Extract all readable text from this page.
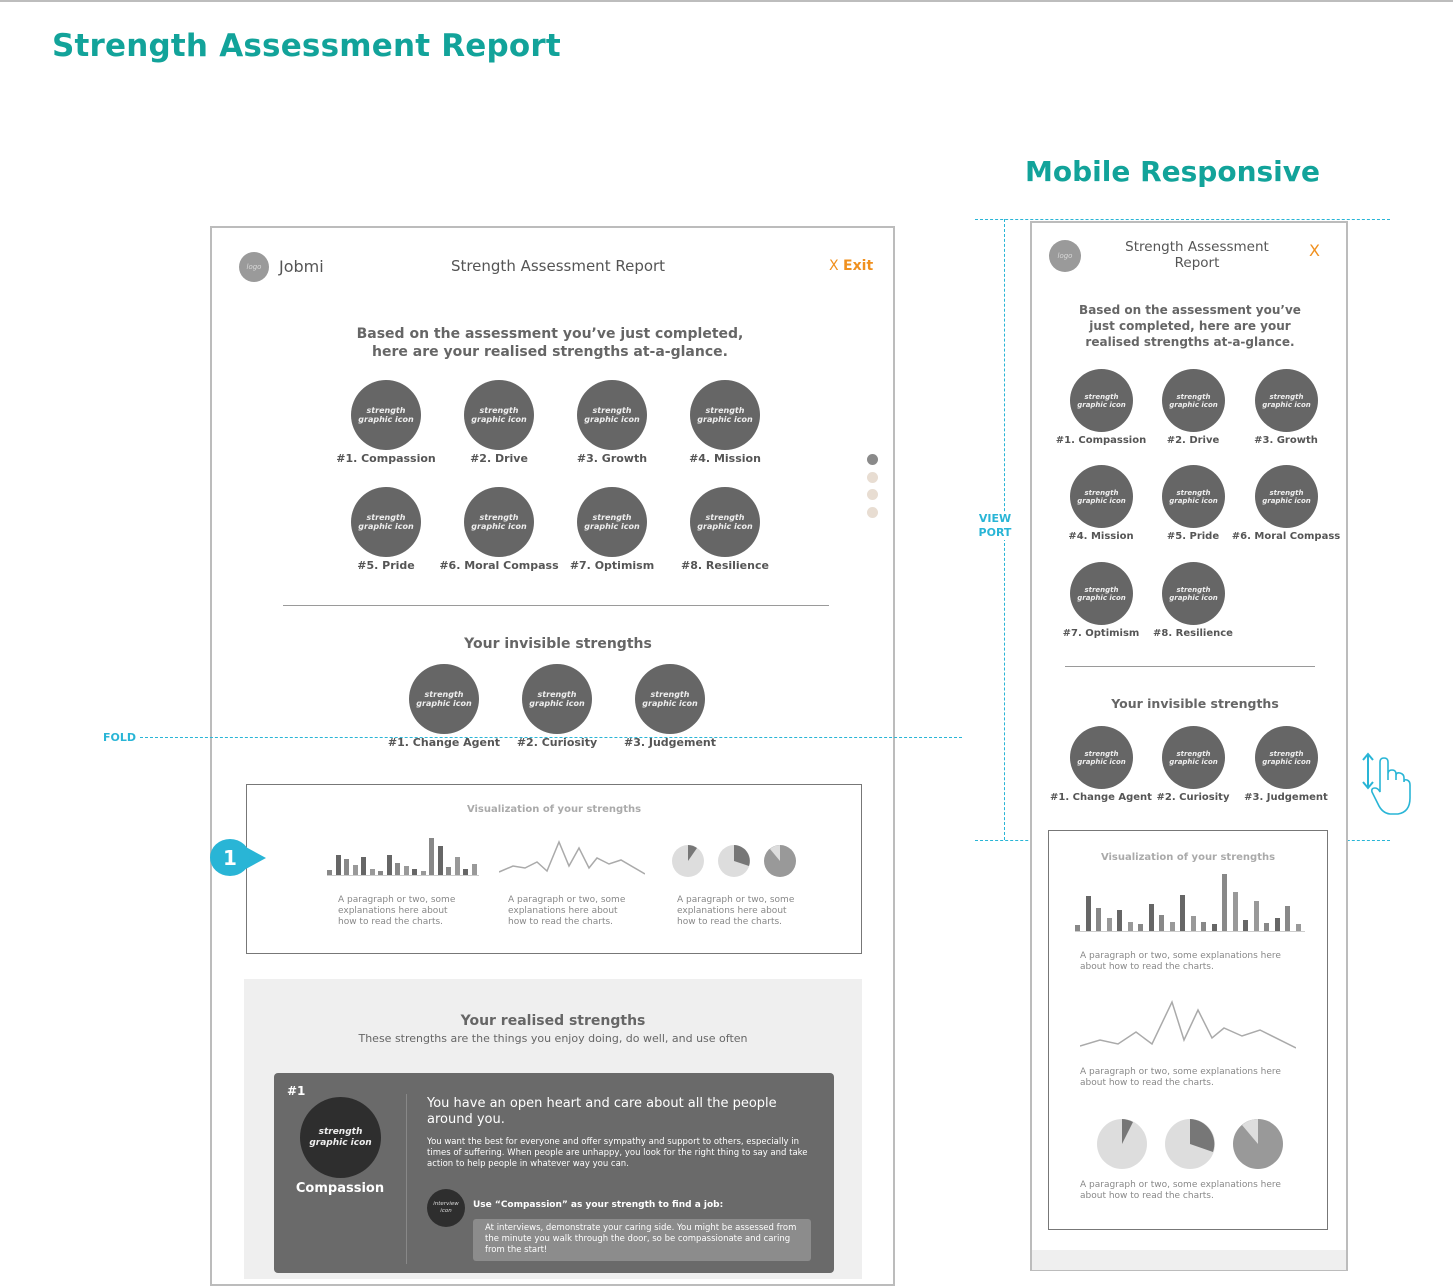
Strength Assessment Report
Mobile Responsive
logo	Jobmi	Strength Assessment Report	X Exit
Based on the assessment you’ve just completed,
here are your realised strengths at-a-glance.
strength graphic icon
#1. Compassion
strength graphic icon
#2. Drive
strength graphic icon
#3. Growth
strength graphic icon
#4. Mission
strength graphic icon
#5. Pride
strength graphic icon
#6. Moral Compass
strength graphic icon
#7. Optimism
strength graphic icon
#8. Resilience
Your invisible strengths
strength graphic icon
#1. Change Agent
strength graphic icon
#2. Curiosity
strength graphic icon
#3. Judgement
FOLD
Visualization of your strengths
A paragraph or two, some explanations here about how to read the charts.
A paragraph or two, some explanations here about how to read the charts.
A paragraph or two, some explanations here about how to read the charts.
1
Your realised strengths
These strengths are the things you enjoy doing, do well, and use often
#1
strength graphic icon
Compassion
You have an open heart and care about all the people around you.
You want the best for everyone and offer sympathy and support to others, especially in times of suffering. When people are unhappy, you look for the right thing to say and take action to help people in whatever way you can.
interview icon
Use “Compassion” as your strength to find a job:
At interviews, demonstrate your caring side. You might be assessed from the minute you walk through the door, so be compassionate and caring from the start!
VIEW PORT
logo
Strength Assessment Report
X
Based on the assessment you’ve just completed, here are your realised strengths at-a-glance.
strength graphic icon
#1. Compassion
strength graphic icon
#2. Drive
strength graphic icon
#3. Growth
strength graphic icon
#4. Mission
strength graphic icon
#5. Pride
strength graphic icon
#6. Moral Compass
strength graphic icon
#7. Optimism
strength graphic icon
#8. Resilience
Your invisible strengths
strength graphic icon
#1. Change Agent
strength graphic icon
#2. Curiosity
strength graphic icon
#3. Judgement
Visualization of your strengths
A paragraph or two, some explanations here about how to read the charts.
A paragraph or two, some explanations here about how to read the charts.
A paragraph or two, some explanations here about how to read the charts.
